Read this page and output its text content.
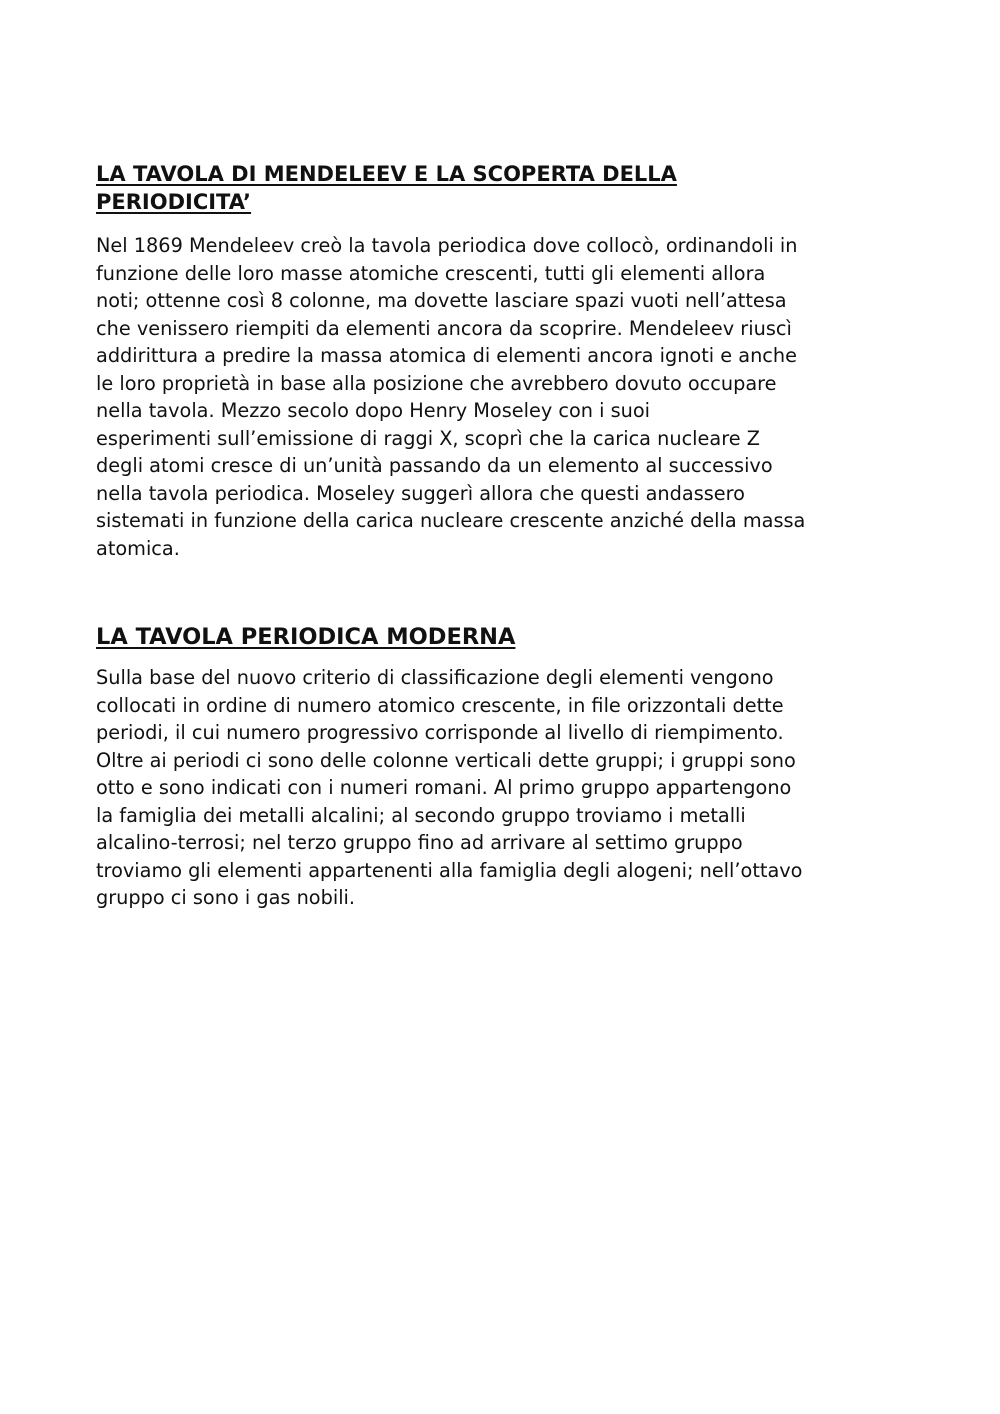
LA TAVOLA DI MENDELEEV E LA SCOPERTA DELLA PERIODICITA’

Nel 1869 Mendeleev creò la tavola periodica dove collocò, ordinandoli in
funzione delle loro masse atomiche crescenti, tutti gli elementi allora
noti; ottenne così 8 colonne, ma dovette lasciare spazi vuoti nell’attesa
che venissero riempiti da elementi ancora da scoprire. Mendeleev riuscì
addirittura a predire la massa atomica di elementi ancora ignoti e anche
le loro proprietà in base alla posizione che avrebbero dovuto occupare
nella tavola. Mezzo secolo dopo Henry Moseley con i suoi
esperimenti sull’emissione di raggi X, scoprì che la carica nucleare Z
degli atomi cresce di un’unità passando da un elemento al successivo
nella tavola periodica. Moseley suggerì allora che questi andassero
sistemati in funzione della carica nucleare crescente anziché della massa
atomica.

LA TAVOLA PERIODICA MODERNA

Sulla base del nuovo criterio di classificazione degli elementi vengono
collocati in ordine di numero atomico crescente, in file orizzontali dette
periodi, il cui numero progressivo corrisponde al livello di riempimento.
Oltre ai periodi ci sono delle colonne verticali dette gruppi; i gruppi sono
otto e sono indicati con i numeri romani. Al primo gruppo appartengono
la famiglia dei metalli alcalini; al secondo gruppo troviamo i metalli
alcalino-terrosi; nel terzo gruppo fino ad arrivare al settimo gruppo
troviamo gli elementi appartenenti alla famiglia degli alogeni; nell’ottavo
gruppo ci sono i gas nobili.
